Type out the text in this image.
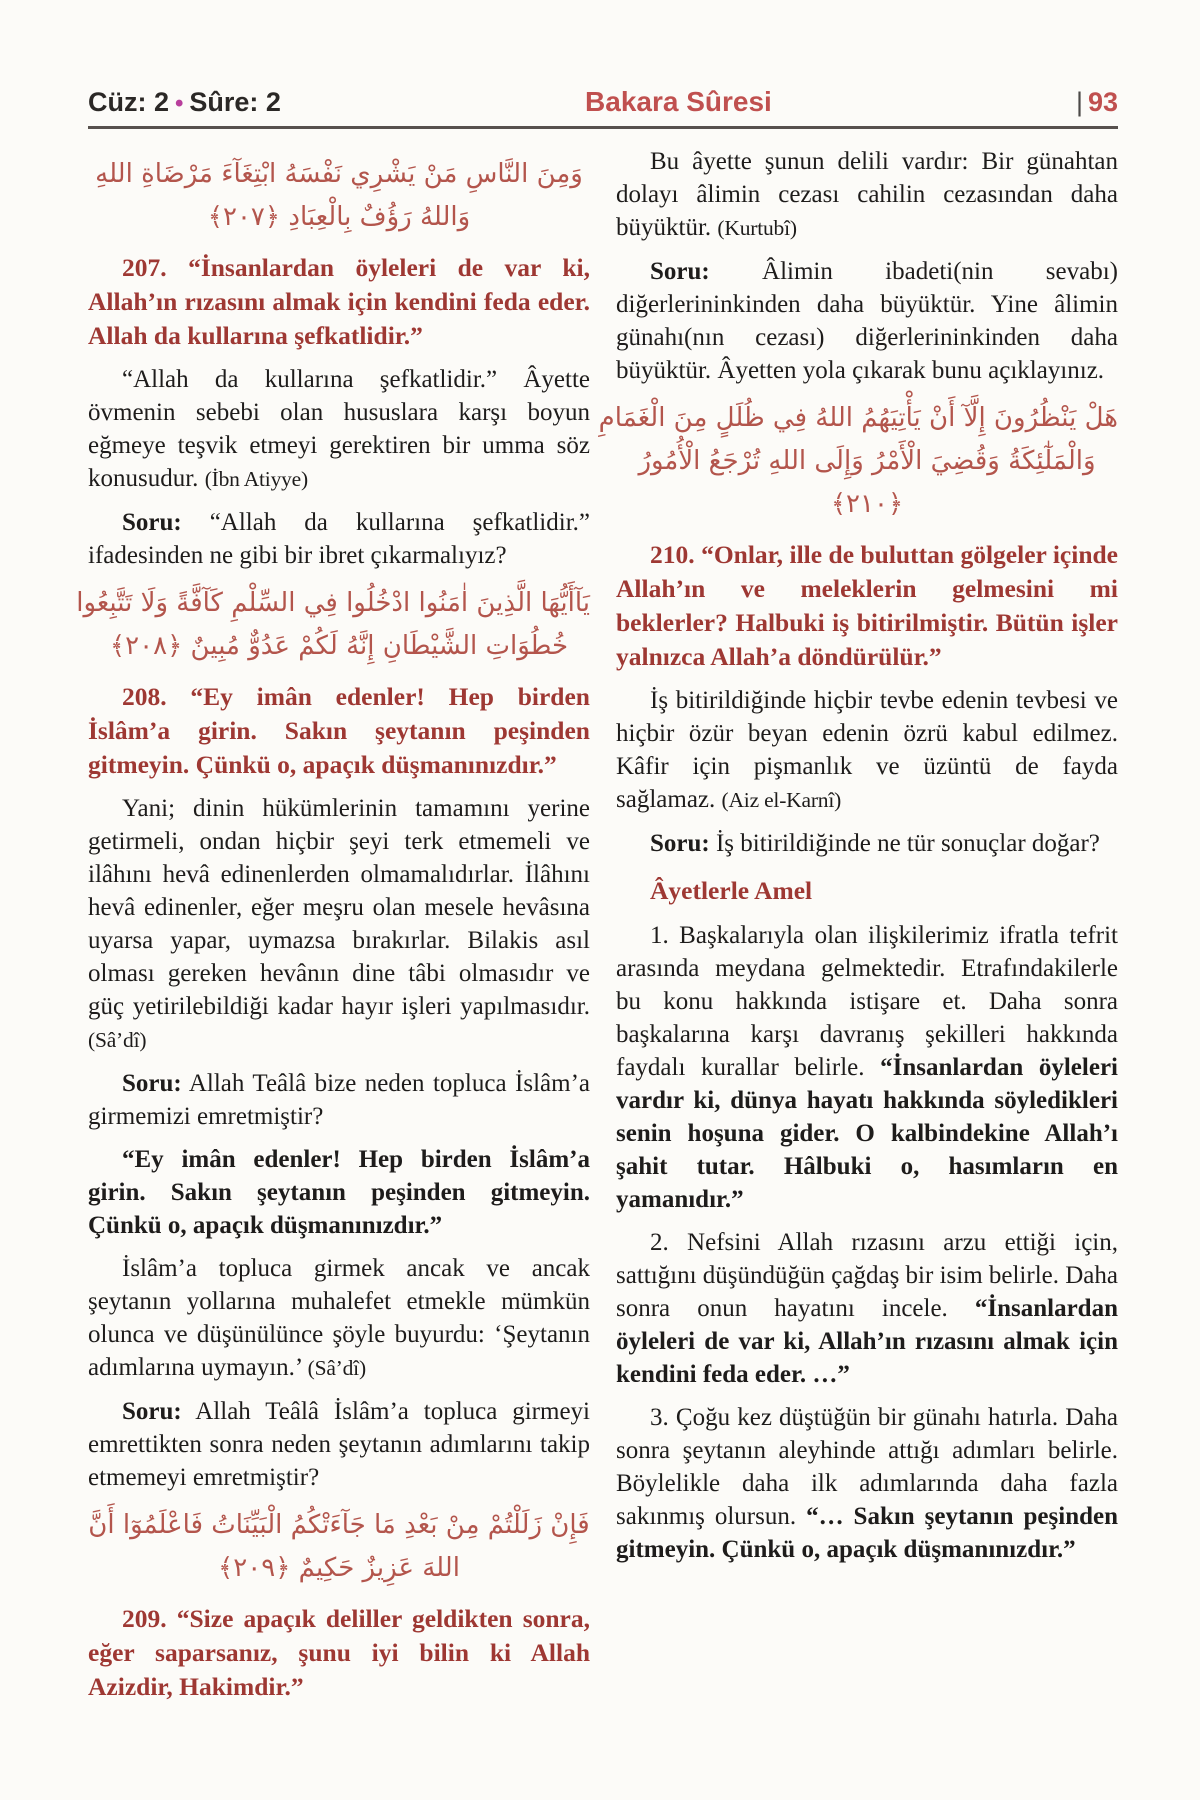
Cüz: 2 • Sûre: 2	Bakara Sûresi	| 93
وَمِنَ النَّاسِ مَنْ يَشْرِي نَفْسَهُ ابْتِغَآءَ مَرْضَاةِ اللهِ
وَاللهُ رَؤُفٌ بِالْعِبَادِ ﴿٢٠٧﴾

207. “İnsanlardan öyleleri de var ki, Allah’ın rızasını almak için kendini feda eder. Allah da kullarına şefkatlidir.”

“Allah da kullarına şefkatlidir.” Âyette övmenin sebebi olan hususlara karşı boyun eğmeye teşvik etmeyi gerektiren bir umma söz konusudur. (İbn Atiyye)

Soru: “Allah da kullarına şefkatlidir.” ifadesinden ne gibi bir ibret çıkarmalıyız?

يَآأَيُّهَا الَّذِينَ اٰمَنُوا ادْخُلُوا فِي السِّلْمِ كَآفَّةً وَلَا تَتَّبِعُوا
خُطُوَاتِ الشَّيْطَانِ إِنَّهُ لَكُمْ عَدُوٌّ مُبِينٌ ﴿٢٠٨﴾

208. “Ey imân edenler! Hep birden İslâm’a girin. Sakın şeytanın peşinden gitmeyin. Çünkü o, apaçık düşmanınızdır.”

Yani; dinin hükümlerinin tamamını yerine getirmeli, ondan hiçbir şeyi terk etmemeli ve ilâhını hevâ edinenlerden olmamalıdırlar. İlâhını hevâ edinenler, eğer meşru olan mesele hevâsına uyarsa yapar, uymazsa bırakırlar. Bilakis asıl olması gereken hevânın dine tâbi olmasıdır ve güç yetirilebildiği kadar hayır işleri yapılmasıdır. (Sâ’dî)

Soru: Allah Teâlâ bize neden topluca İslâm’a girmemizi emretmiştir?

“Ey imân edenler! Hep birden İslâm’a girin. Sakın şeytanın peşinden gitmeyin. Çünkü o, apaçık düşmanınızdır.”

İslâm’a topluca girmek ancak ve ancak şeytanın yollarına muhalefet etmekle mümkün olunca ve düşünülünce şöyle buyurdu: ‘Şeytanın adımlarına uymayın.’ (Sâ’dî)

Soru: Allah Teâlâ İslâm’a topluca girmeyi emrettikten sonra neden şeytanın adımlarını takip etmemeyi emretmiştir?

فَإِنْ زَلَلْتُمْ مِنْ بَعْدِ مَا جَآءَتْكُمُ الْبَيِّنَاتُ فَاعْلَمُوٓا أَنَّ
اللهَ عَزِيزٌ حَكِيمٌ ﴿٢٠٩﴾

209. “Size apaçık deliller geldikten sonra, eğer saparsanız, şunu iyi bilin ki Allah Azizdir, Hakimdir.”

Bu âyette şunun delili vardır: Bir günahtan dolayı âlimin cezası cahilin cezasından daha büyüktür. (Kurtubî)

Soru: Âlimin ibadeti(nin sevabı) diğerlerininkinden daha büyüktür. Yine âlimin günahı(nın cezası) diğerlerininkinden daha büyüktür. Âyetten yola çıkarak bunu açıklayınız.

هَلْ يَنْظُرُونَ إِلَّآ أَنْ يَأْتِيَهُمُ اللهُ فِي ظُلَلٍ مِنَ الْغَمَامِ
وَالْمَلٰٓئِكَةُ وَقُضِيَ الْأَمْرُ وَإِلَى اللهِ تُرْجَعُ الْأُمُورُ
﴿٢١٠﴾

210. “Onlar, ille de buluttan gölgeler içinde Allah’ın ve meleklerin gelmesini mi beklerler? Halbuki iş bitirilmiştir. Bütün işler yalnızca Allah’a döndürülür.”

İş bitirildiğinde hiçbir tevbe edenin tevbesi ve hiçbir özür beyan edenin özrü kabul edilmez. Kâfir için pişmanlık ve üzüntü de fayda sağlamaz. (Aiz el-Karnî)

Soru: İş bitirildiğinde ne tür sonuçlar doğar?

Âyetlerle Amel

1. Başkalarıyla olan ilişkilerimiz ifratla tefrit arasında meydana gelmektedir. Etrafındakilerle bu konu hakkında istişare et. Daha sonra başkalarına karşı davranış şekilleri hakkında faydalı kurallar belirle. “İnsanlardan öyleleri vardır ki, dünya hayatı hakkında söyledikleri senin hoşuna gider. O kalbindekine Allah’ı şahit tutar. Hâlbuki o, hasımların en yamanıdır.”

2. Nefsini Allah rızasını arzu ettiği için, sattığını düşündüğün çağdaş bir isim belirle. Daha sonra onun hayatını incele. “İnsanlardan öyleleri de var ki, Allah’ın rızasını almak için kendini feda eder. …”

3. Çoğu kez düştüğün bir günahı hatırla. Daha sonra şeytanın aleyhinde attığı adımları belirle. Böylelikle daha ilk adımlarında daha fazla sakınmış olursun. “… Sakın şeytanın peşinden gitmeyin. Çünkü o, apaçık düşmanınızdır.”
